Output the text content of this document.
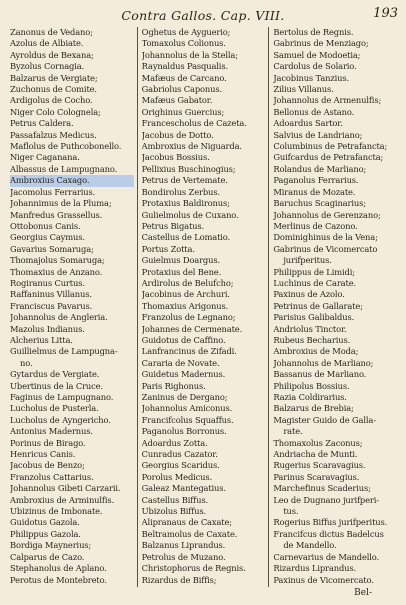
Contra Gallos. Cap. VIII.	193
Zanonus de Vedano;
Azolus de Albiate.
Ayroldus de Bexana;
Byzolus Cornagia.
Balzarus de Vergiate;
Zuchonus de Comite.
Ardigolus de Cocho.
Niger Colo Colognela;
Petrus Caldera.
Passafalzus Medicus.
Maflolus de Puthcobonello.
Niger Caganana.
Albassus de Lampugnano.
Ambroxius Caxago.
Jacomolus Ferrarius.
Johannimus de la Pluma;
Manfredus Grassellus.
Ottobonus Canis.
Georgius Caymus.
Gavarius Somaruga;
Thomajolus Somaruga;
Thomaxius de Anzano.
Rogiranus Curtus.
Raffaninus Villanus.
Franciscus Pavarus.
Johannolus de Angleria.
Mazolus Indianus.
Alcherius Litta.
Guillielmus de Lampugna-
no.
Gytardus de Vergiate.
Ubertinus de la Cruce.
Faginus de Lampugnano.
Lucholus de Pusterla.
Lucholus de Ayngericho.
Antonius Madernus.
Porinus de Birago.
Henricus Canis.
Jacobus de Benzo;
Franzolus Cattarius.
Johannolus Gibeti Carzarii.
Ambroxius de Arminulfis.
Ubizinus de Imbonate.
Guidotus Gazola.
Philippus Gazola.
Bordiga Maynerius;
Calparus de Cazo.
Stephanolus de Aplano.
Perotus de Montebreto.
Oghetus de Ayguerio;
Tomaxolus Colionus.
Johannolus de la Stella;
Raynaldus Pasqualis.
Mafæus de Carcano.
Gabriolus Caponus.
Mafæus Gabator.
Orighinus Guercius;
Francescholus de Cazeta.
Jacobus de Dotto.
Ambroxius de Niguarda.
Jacobus Bossius.
Pellixius Buschinogius;
Petrus de Vertemate.
Bondirolus Zerbus.
Protaxius Baldironus;
Gulielmolus de Cuxano.
Petrus Bigatus.
Castellus de Lomatio.
Portus Zotta.
Guielmus Doargus.
Protaxius del Bene.
Ardirolus de Belufcho;
Jacobinus de Archuri.
Thomaxius Arigonus.
Franzolus de Legnano;
Johannes de Cermenate.
Guidotus de Caffino.
Lanfrancinus de Zifadi.
Cararia de Novate.
Guidetus Madernus.
Paris Righonus.
Zaninus de Dergano;
Johannolus Amiconus.
Francifcolus Squaffus.
Paganolus Borronus.
Adoardus Zotta.
Cunradus Cazator.
Georgius Scaridus.
Porolus Medicus.
Galeaz Mantegatius.
Castellus Biffus.
Ubizolus Biffus.
Alipranaus de Caxate;
Beltramolus de Caxate.
Balzanus Liprandus.
Petrolus de Muzano.
Christophorus de Regnis.
Rizardus de Biffis;
Bertolus de Regnis.
Gabrinus de Menziago;
Samuel de Modoetia;
Cardolus de Solario.
Jacobinus Tanzius.
Zilius Villanus.
Johannolus de Armenulfis;
Bellonus de Astano.
Adoardus Sartor.
Salvius de Landriano;
Columbinus de Petrafancta;
Guifcardus de Petrafancta;
Rolandus de Marliano;
Paganolus Ferrarius.
Miranus de Mozate.
Baruchus Scaginarius;
Johannolus de Gerenzano;
Merlinus de Cazono.
Dominighinus de la Vena;
Gabrinus de Vicomercato
jurifperitus.
Philippus de Limidi;
Luchinus de Carate.
Paxinus de Azolo.
Petrinus de Gallarate;
Parisius Galibaldus.
Andriolus Tinctor.
Rubeus Becharius.
Ambroxius de Moda;
Johannolus de Marliano;
Bassanus de Marliano.
Philipolus Bossius.
Razia Coldirarius.
Balzarus de Brebia;
Magister Guido de Galla-
rate.
Thomaxolus Zaconus;
Andriacha de Munti.
Rugerius Scaravagius.
Parinus Scaravagius.
Marchefinus Scaderius;
Leo de Dugnano jurifperi-
tus.
Rogerius Biffus jurifperitus.
Francifcus dictus Badelcus
de Mandello.
Carnevarius de Mandello.
Rizardus Liprandus.
Paxinus de Vicomercato.
Bel-
